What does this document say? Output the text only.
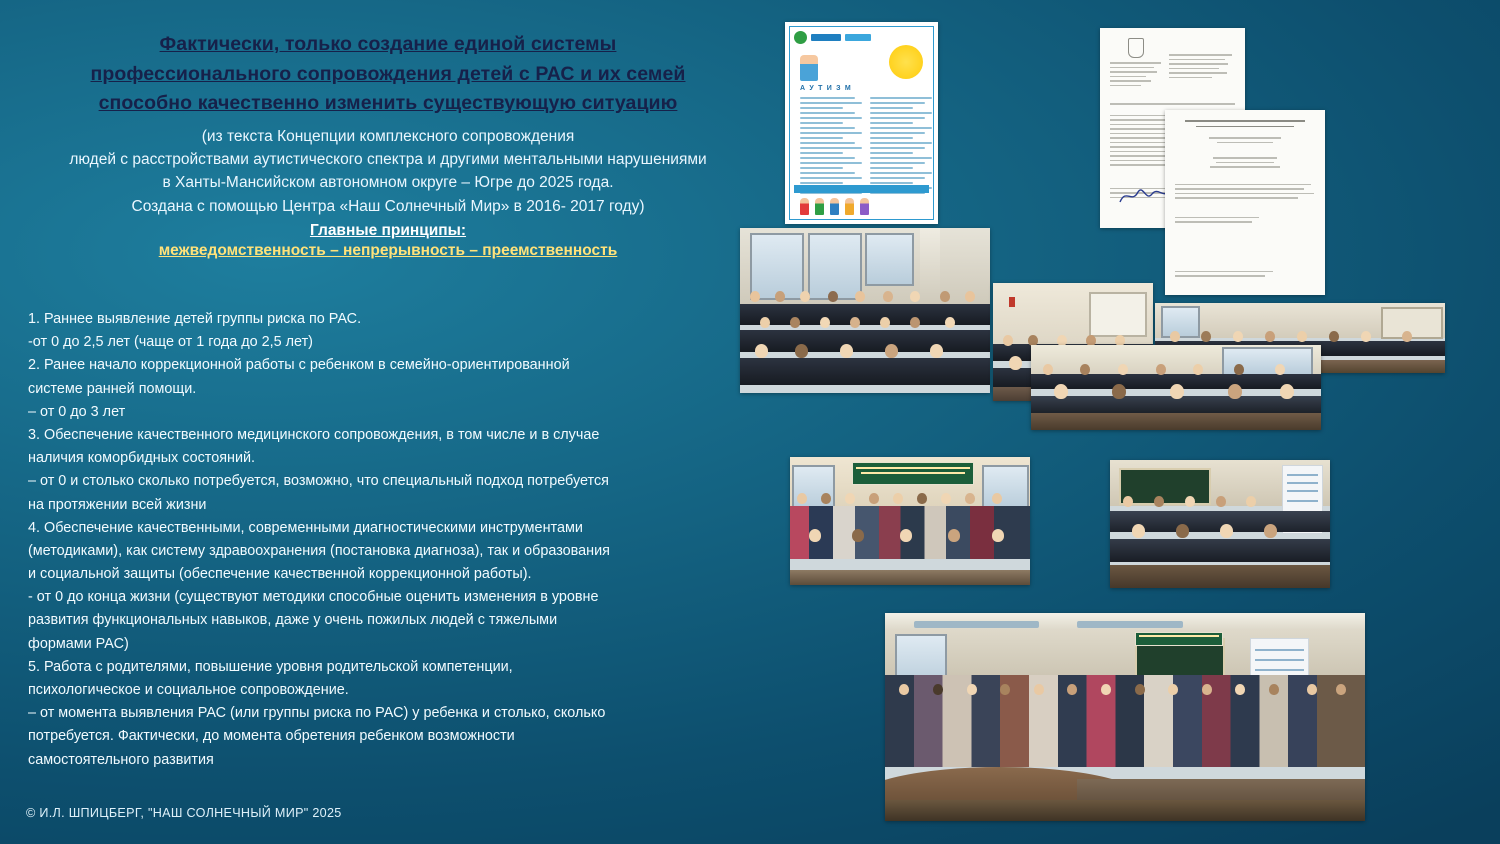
Фактически, только создание единой системы
профессионального сопровождения детей с РАС и их семей
способно качественно изменить существующую ситуацию
(из текста Концепции комплексного сопровождения
людей с расстройствами аутистического спектра и другими ментальными нарушениями
в Ханты-Мансийском автономном округе – Югре до 2025 года.
Создана с помощью Центра «Наш Солнечный Мир» в 2016- 2017 году)
Главные принципы:
межведомственность – непрерывность – преемственность

1. Раннее выявление детей группы риска по РАС.

-от 0 до 2,5 лет (чаще от 1 года до 2,5 лет)

2. Ранее начало коррекционной работы с ребенком в семейно-ориентированной

системе ранней помощи.

– от 0 до 3 лет

3. Обеспечение качественного медицинского сопровождения, в том числе и в случае

наличия коморбидных состояний.

– от 0 и столько сколько потребуется, возможно, что специальный подход потребуется

на протяжении всей жизни

4. Обеспечение качественными, современными диагностическими инструментами

(методиками), как систему здравоохранения (постановка диагноза), так и образования

и социальной защиты (обеспечение качественной коррекционной работы).

- от 0 до конца жизни (существуют методики способные оценить изменения в уровне

развития функциональных навыков, даже у очень пожилых людей с тяжелыми

формами РАС)

5. Работа с родителями, повышение уровня родительской компетенции,

психологическое и социальное сопровождение.

– от момента выявления РАС (или группы риска по РАС) у ребенка и столько, сколько

потребуется. Фактически, до момента обретения ребенком возможности

самостоятельного развития

© И.Л. ШПИЦБЕРГ, "НАШ СОЛНЕЧНЫЙ МИР" 2025
А У Т И З М
